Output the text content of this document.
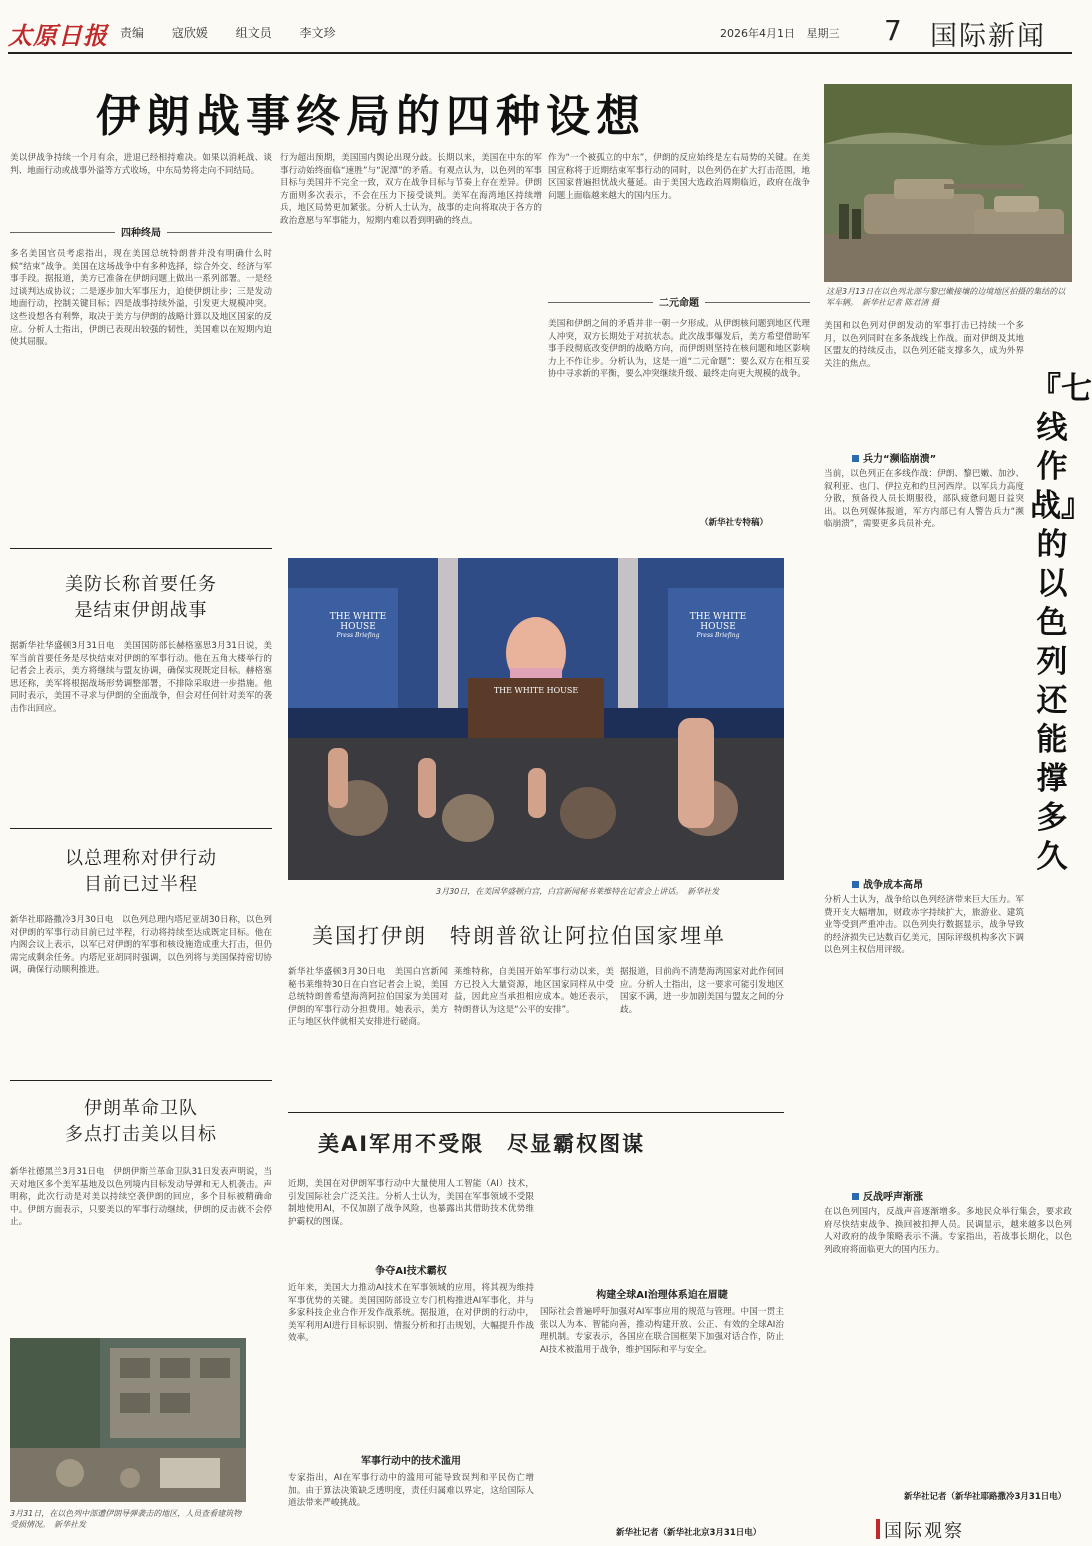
太原日报 责编 寇欣媛 组文员 李文珍	2026年4月1日 星期三 7 国际新闻
伊朗战事终局的四种设想
美以伊战争持续一个月有余，进退已经相持难决。如果以消耗战、谈判、地面行动或战事外溢等方式收场，中东局势将走向不同结局。
四种终局
多名美国官员考虑指出，现在美国总统特朗普并没有明确什么时候“结束”战争。美国在这场战争中有多种选择，综合外交、经济与军事手段。据报道，美方已准备在伊朗问题上做出一系列部署。一是经过谈判达成协议；二是逐步加大军事压力，迫使伊朗让步；三是发动地面行动，控制关键目标；四是战事持续外溢，引发更大规模冲突。这些设想各有利弊，取决于美方与伊朗的战略计算以及地区国家的反应。分析人士指出，伊朗已表现出较强的韧性，美国难以在短期内迫使其屈服。
行为超出预期，美国国内舆论出现分歧。长期以来，美国在中东的军事行动始终面临“速胜”与“泥潭”的矛盾。有观点认为，以色列的军事目标与美国并不完全一致，双方在战争目标与节奏上存在差异。伊朗方面则多次表示，不会在压力下接受谈判。美军在海湾地区持续增兵，地区局势更加紧张。分析人士认为，战事的走向将取决于各方的政治意愿与军事能力，短期内难以看到明确的终点。
作为“一个被孤立的中东”，伊朗的反应始终是左右局势的关键。在美国宣称将于近期结束军事行动的同时，以色列仍在扩大打击范围，地区国家普遍担忧战火蔓延。由于美国大选政治周期临近，政府在战争问题上面临越来越大的国内压力。
二元命题
美国和伊朗之间的矛盾并非一朝一夕形成。从伊朗核问题到地区代理人冲突，双方长期处于对抗状态。此次战事爆发后，美方希望借助军事手段彻底改变伊朗的战略方向，而伊朗则坚持在核问题和地区影响力上不作让步。分析认为，这是一道“二元命题”：要么双方在相互妥协中寻求新的平衡，要么冲突继续升级、最终走向更大规模的战争。
（新华社专特稿）
这是3月13日在以色列北部与黎巴嫩接壤的边境地区拍摄的集结的以军车辆。　新华社记者 陈君清 摄
美国和以色列对伊朗发动的军事打击已持续一个多月，以色列同时在多条战线上作战。面对伊朗及其地区盟友的持续反击，以色列还能支撑多久，成为外界关注的焦点。
兵力“濒临崩溃”
当前，以色列正在多线作战：伊朗、黎巴嫩、加沙、叙利亚、也门、伊拉克和约旦河西岸。以军兵力高度分散，预备役人员长期服役，部队疲惫问题日益突出。以色列媒体报道，军方内部已有人警告兵力“濒临崩溃”，需要更多兵员补充。
战争成本高昂
分析人士认为，战争给以色列经济带来巨大压力。军费开支大幅增加，财政赤字持续扩大，旅游业、建筑业等受到严重冲击。以色列央行数据显示，战争导致的经济损失已达数百亿美元，国际评级机构多次下调以色列主权信用评级。
反战呼声渐涨
在以色列国内，反战声音逐渐增多。多地民众举行集会，要求政府尽快结束战争、换回被扣押人员。民调显示，越来越多以色列人对政府的战争策略表示不满。专家指出，若战事长期化，以色列政府将面临更大的国内压力。
新华社记者（新华社耶路撒冷3月31日电）
『七线作战』的以色列还能撑多久
国际观察
美防长称首要任务
是结束伊朗战事
据新华社华盛顿3月31日电　美国国防部长赫格塞思3月31日说，美军当前首要任务是尽快结束对伊朗的军事行动。他在五角大楼举行的记者会上表示，美方将继续与盟友协调，确保实现既定目标。赫格塞思还称，美军将根据战场形势调整部署，不排除采取进一步措施。他同时表示，美国不寻求与伊朗的全面战争，但会对任何针对美军的袭击作出回应。
以总理称对伊行动
目前已过半程
新华社耶路撒冷3月30日电　以色列总理内塔尼亚胡30日称，以色列对伊朗的军事行动目前已过半程，行动将持续至达成既定目标。他在内阁会议上表示，以军已对伊朗的军事和核设施造成重大打击，但仍需完成剩余任务。内塔尼亚胡同时强调，以色列将与美国保持密切协调，确保行动顺利推进。
伊朗革命卫队
多点打击美以目标
新华社德黑兰3月31日电　伊朗伊斯兰革命卫队31日发表声明说，当天对地区多个美军基地及以色列境内目标发动导弹和无人机袭击。声明称，此次行动是对美以持续空袭伊朗的回应，多个目标被精确命中。伊朗方面表示，只要美以的军事行动继续，伊朗的反击就不会停止。
3月31日，在以色列中部遭伊朗导弹袭击的地区，人员查看建筑物受损情况。　新华社发
THE WHITE HOUSE
Press Briefing
THE WHITE HOUSE
Press Briefing
THE WHITE HOUSE
3月30日，在美国华盛顿白宫，白宫新闻秘书莱维特在记者会上讲话。　新华社发
美国打伊朗　特朗普欲让阿拉伯国家埋单
新华社华盛顿3月30日电　美国白宫新闻秘书莱维特30日在白宫记者会上说，美国总统特朗普希望海湾阿拉伯国家为美国对伊朗的军事行动分担费用。她表示，美方正与地区伙伴就相关安排进行磋商。
莱维特称，自美国开始军事行动以来，美方已投入大量资源，地区国家同样从中受益，因此应当承担相应成本。她还表示，特朗普认为这是“公平的安排”。
据报道，目前尚不清楚海湾国家对此作何回应。分析人士指出，这一要求可能引发地区国家不满，进一步加剧美国与盟友之间的分歧。
美AI军用不受限　尽显霸权图谋
近期，美国在对伊朗军事行动中大量使用人工智能（AI）技术，引发国际社会广泛关注。分析人士认为，美国在军事领域不受限制地使用AI，不仅加剧了战争风险，也暴露出其借助技术优势维护霸权的图谋。
争夺AI技术霸权
近年来，美国大力推动AI技术在军事领域的应用，将其视为维持军事优势的关键。美国国防部设立专门机构推进AI军事化，并与多家科技企业合作开发作战系统。据报道，在对伊朗的行动中，美军利用AI进行目标识别、情报分析和打击规划，大幅提升作战效率。
军事行动中的技术滥用
专家指出，AI在军事行动中的滥用可能导致误判和平民伤亡增加。由于算法决策缺乏透明度，责任归属难以界定，这给国际人道法带来严峻挑战。
构建全球AI治理体系迫在眉睫
国际社会普遍呼吁加强对AI军事应用的规范与管理。中国一贯主张以人为本、智能向善，推动构建开放、公正、有效的全球AI治理机制。专家表示，各国应在联合国框架下加强对话合作，防止AI技术被滥用于战争，维护国际和平与安全。
新华社记者（新华社北京3月31日电）
